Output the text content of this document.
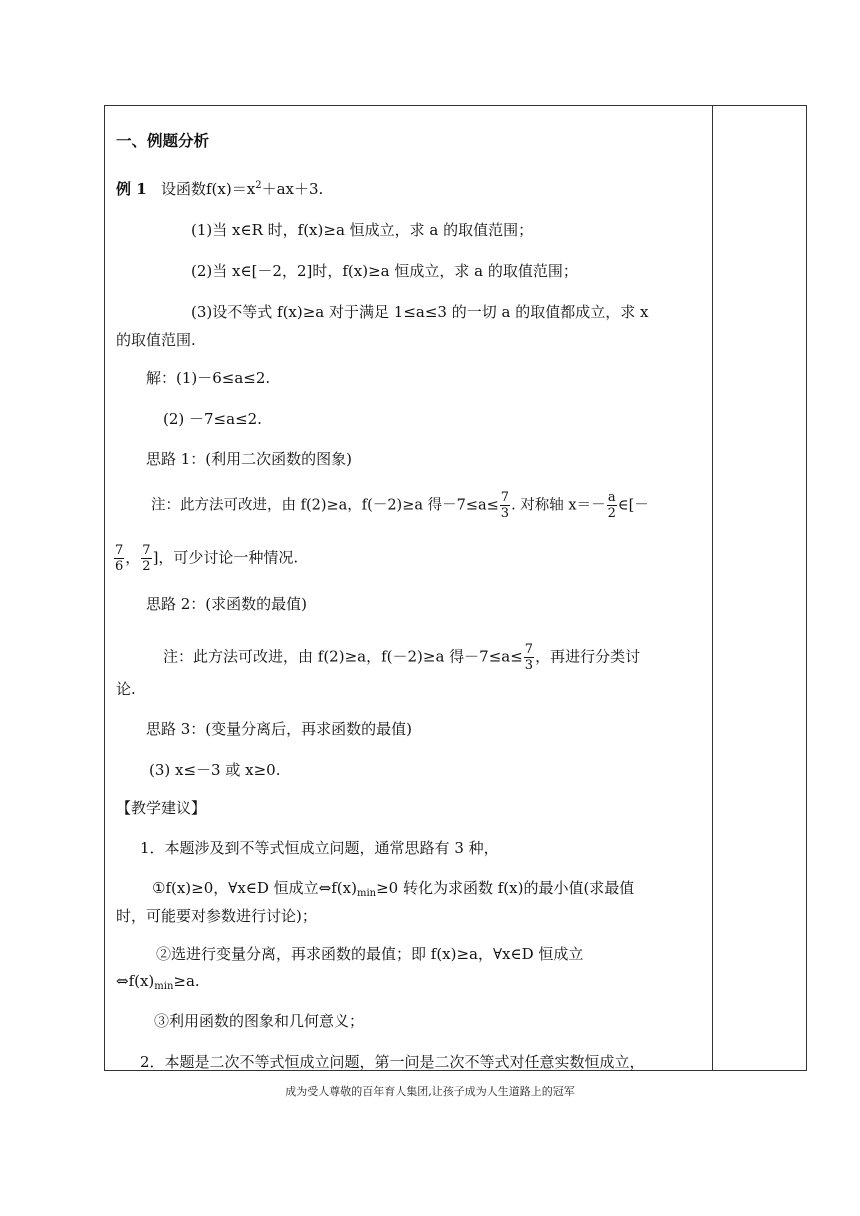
一、例题分析
例 1 设函数$f(x)=x^2+ax+3$.
(1)当 x∈R 时，f(x)≥a 恒成立，求 a 的取值范围；
(2)当 x∈[－2，2]时，f(x)≥a 恒成立，求 a 的取值范围；
(3)设不等式 f(x)≥a 对于满足 1≤a≤3 的一切 a 的取值都成立，求 x
的取值范围.
解：(1)－6≤a≤2.
(2) －7≤a≤2.
思路 1：(利用二次函数的图象)
注：此方法可改进，由 f(2)≥a，f(－2)≥a 得$-7\le a\le \frac{7}{3}$ . 对称轴 $x=- \frac{a}{2}$ ∈[－
$\frac{7}{6}$ ， $\frac{7}{2}$ ]，可少讨论一种情况.
思路 2：(求函数的最值)
注：此方法可改进，由 f(2)≥a，f(－2)≥a 得$-7\le a\le \frac{7}{3}$ ，再进行分类讨
论.
思路 3：(变量分离后，再求函数的最值)
(3) x≤－3 或 x≥0.
【教学建议】
1．本题涉及到不等式恒成立问题，通常思路有 3 种，
①f(x)≥0，∀x∈D 恒成立$\Leftrightarrow f(x)_{min}\ge 0$ 转化为求函数 f(x)的最小值(求最值
时，可能要对参数进行讨论)；
②选进行变量分离，再求函数的最值；即 f(x)≥a，∀x∈D 恒成立
$\Leftrightarrow f(x)_{min}\ge a$.
③利用函数的图象和几何意义；
2．本题是二次不等式恒成立问题，第一问是二次不等式对任意实数恒成立，
成为受人尊敬的百年育人集团,让孩子成为人生道路上的冠军
